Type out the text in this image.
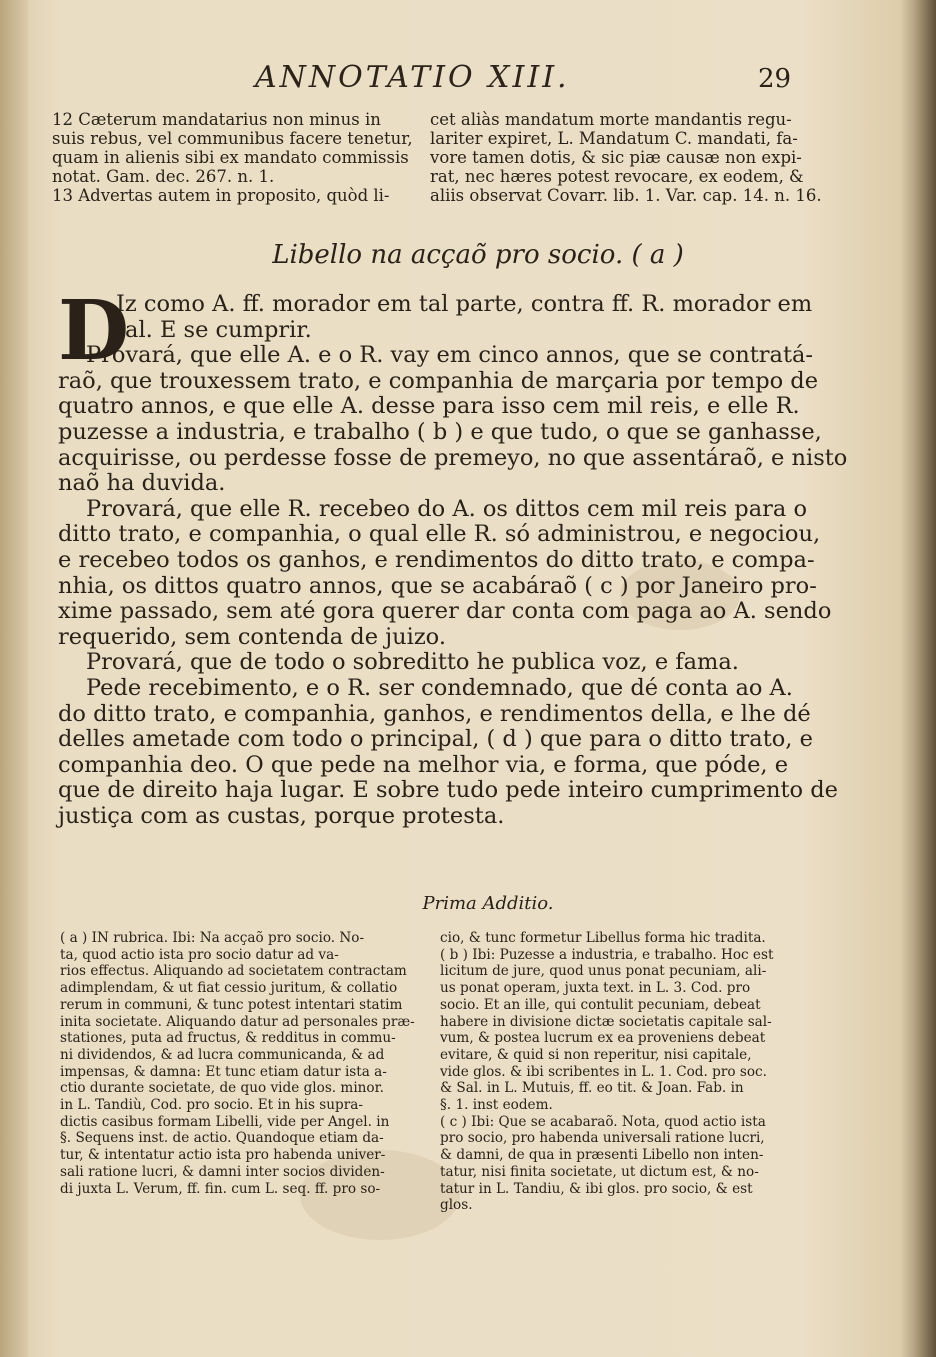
ANNOTATIO XIII.	29
12 Cæterum mandatarius non minus in
suis rebus, vel communibus facere tenetur,
quam in alienis sibi ex mandato commissis
notat. Gam. dec. 267. n. 1.
13 Advertas autem in proposito, quòd li-
cet aliàs mandatum morte mandantis regu-
lariter expiret, L. Mandatum C. mandati, fa-
vore tamen dotis, & sic piæ causæ non expi-
rat, nec hæres potest revocare, ex eodem, &
aliis observat Covarr. lib. 1. Var. cap. 14. n. 16.
Libello na acçaõ pro socio. ( a )
D
Iz como A. ff. morador em tal parte, contra ff. R. morador em
tal. E se cumprir.
Provará, que elle A. e o R. vay em cinco annos, que se contratá-
raõ, que trouxessem trato, e companhia de marçaria por tempo de
quatro annos, e que elle A. desse para isso cem mil reis, e elle R.
puzesse a industria, e trabalho ( b ) e que tudo, o que se ganhasse,
acquirisse, ou perdesse fosse de premeyo, no que assentáraõ, e nisto
naõ ha duvida.
Provará, que elle R. recebeo do A. os dittos cem mil reis para o
ditto trato, e companhia, o qual elle R. só administrou, e negociou,
e recebeo todos os ganhos, e rendimentos do ditto trato, e compa-
nhia, os dittos quatro annos, que se acabáraõ ( c ) por Janeiro pro-
xime passado, sem até gora querer dar conta com paga ao A. sendo
requerido, sem contenda de juizo.
Provará, que de todo o sobreditto he publica voz, e fama.
Pede recebimento, e o R. ser condemnado, que dé conta ao A.
do ditto trato, e companhia, ganhos, e rendimentos della, e lhe dé
delles ametade com todo o principal, ( d ) que para o ditto trato, e
companhia deo. O que pede na melhor via, e forma, que póde, e
que de direito haja lugar. E sobre tudo pede inteiro cumprimento de
justiça com as custas, porque protesta.
Prima Additio.
( a ) IN rubrica. Ibi: Na acçaõ pro socio. No-
ta, quod actio ista pro socio datur ad va-
rios effectus. Aliquando ad societatem contractam
adimplendam, & ut fiat cessio juritum, & collatio
rerum in communi, & tunc potest intentari statim
inita societate. Aliquando datur ad personales præ-
stationes, puta ad fructus, & redditus in commu-
ni dividendos, & ad lucra communicanda, & ad
impensas, & damna: Et tunc etiam datur ista a-
ctio durante societate, de quo vide glos. minor.
in L. Tandiù, Cod. pro socio. Et in his supra-
dictis casibus formam Libelli, vide per Angel. in
§. Sequens inst. de actio. Quandoque etiam da-
tur, & intentatur actio ista pro habenda univer-
sali ratione lucri, & damni inter socios dividen-
di juxta L. Verum, ff. fin. cum L. seq. ff. pro so-
cio, & tunc formetur Libellus forma hic tradita.
( b ) Ibi: Puzesse a industria, e trabalho. Hoc est
licitum de jure, quod unus ponat pecuniam, ali-
us ponat operam, juxta text. in L. 3. Cod. pro
socio. Et an ille, qui contulit pecuniam, debeat
habere in divisione dictæ societatis capitale sal-
vum, & postea lucrum ex ea proveniens debeat
evitare, & quid si non reperitur, nisi capitale,
vide glos. & ibi scribentes in L. 1. Cod. pro soc.
& Sal. in L. Mutuis, ff. eo tit. & Joan. Fab. in
§. 1. inst eodem.
( c ) Ibi: Que se acabaraõ. Nota, quod actio ista
pro socio, pro habenda universali ratione lucri,
& damni, de qua in præsenti Libello non inten-
tatur, nisi finita societate, ut dictum est, & no-
tatur in L. Tandiu, & ibi glos. pro socio, & est
glos.
